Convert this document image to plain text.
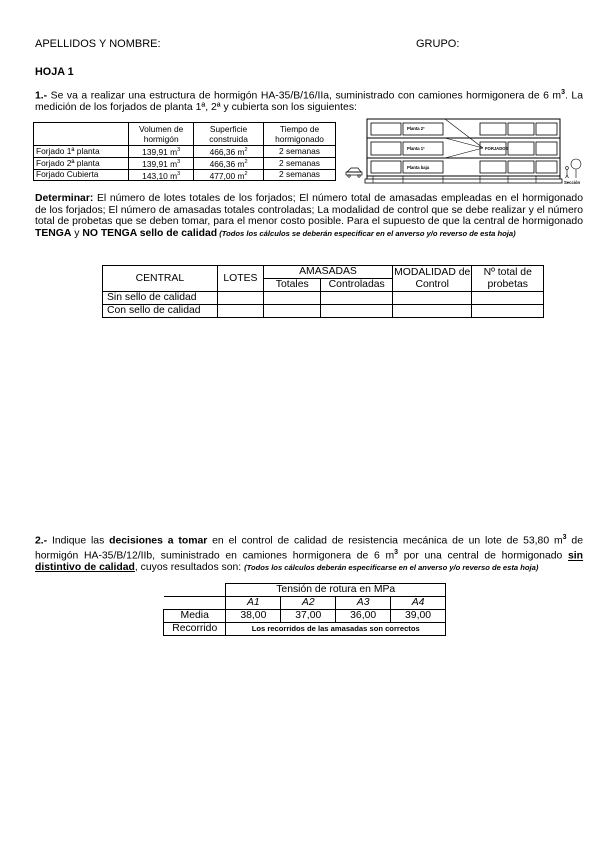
APELLIDOS Y NOMBRE:	GRUPO:
HOJA 1
1.- Se va a realizar una estructura de hormigón HA-35/B/16/IIa, suministrado con camiones hormigonera de 6 $m^3$. La medición de los forjados de planta 1ª, 2ª y cubierta son los siguientes:
	Volumen de hormigón	Superficie construida	Tiempo de hormigonado
Forjado 1ª planta	139,91 $m^3$	466,36 $m^2$	2 semanas
Forjado 2ª planta	139,91 $m^3$	466,36 $m^2$	2 semanas
Forjado Cubierta	143,10 $m^3$	477,00 $m^2$	2 semanas
Planta 2ª
Planta 1ª
Planta baja
FORJADOS
Sección
Determinar: El número de lotes totales de los forjados; El número total de amasadas empleadas en el hormigonado de los forjados; El número de amasadas totales controladas; La modalidad de control que se debe realizar y el número total de probetas que se deben tomar, para el menor costo posible. Para el supuesto de que la central de hormigonado TENGA y NO TENGA sello de calidad (Todos los cálculos se deberán especificar en el anverso y/o reverso de esta hoja)
CENTRAL	LOTES	AMASADAS		MODALIDAD de Control	Nº total de probetas
		Totales	Controladas		
Sin sello de calidad					
Con sello de calidad					
2.- Indique las decisiones a tomar en el control de calidad de resistencia mecánica de un lote de 53,80 $m^3$ de hormigón HA-35/B/12/IIb, suministrado en camiones hormigonera de 6 $m^3$ por una central de hormigonado sin distintivo de calidad, cuyos resultados son: (Todos los cálculos deberán especificarse en el anverso y/o reverso de esta hoja)
	Tensión de rotura en MPa			
	A1	A2	A3	A4
Media	38,00	37,00	36,00	39,00
Recorrido	Los recorridos de las amasadas son correctos			
